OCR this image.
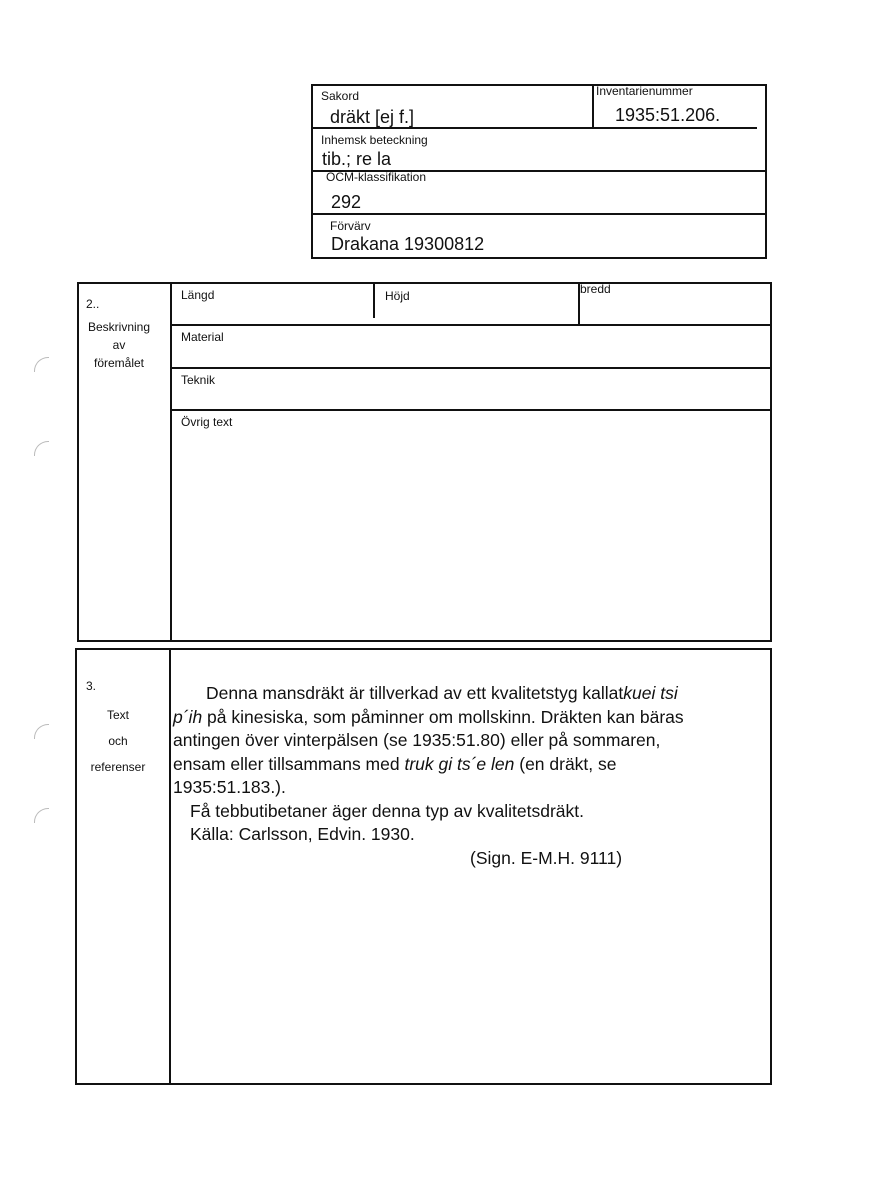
Sakord
dräkt [ej f.]
Inventarienummer
1935:51.206.
Inhemsk beteckning
tib.; re la
OCM-klassifikation
292
Förvärv
Drakana 19300812
2..
Beskrivning
av
föremålet
Längd	Höjd	bredd
Material
Teknik
Övrig text
3.
Text
och
referenser

Denna mansdräkt är tillverkad av ett kvalitetstyg kallatkuei tsi

p´ih på kinesiska, som påminner om mollskinn. Dräkten kan bäras

antingen över vinterpälsen (se 1935:51.80) eller på sommaren,

ensam eller tillsammans med truk gi ts´e len (en dräkt, se

1935:51.183.).

Få tebbutibetaner äger denna typ av kvalitetsdräkt.

Källa: Carlsson, Edvin. 1930.

(Sign. E-M.H. 9111)
